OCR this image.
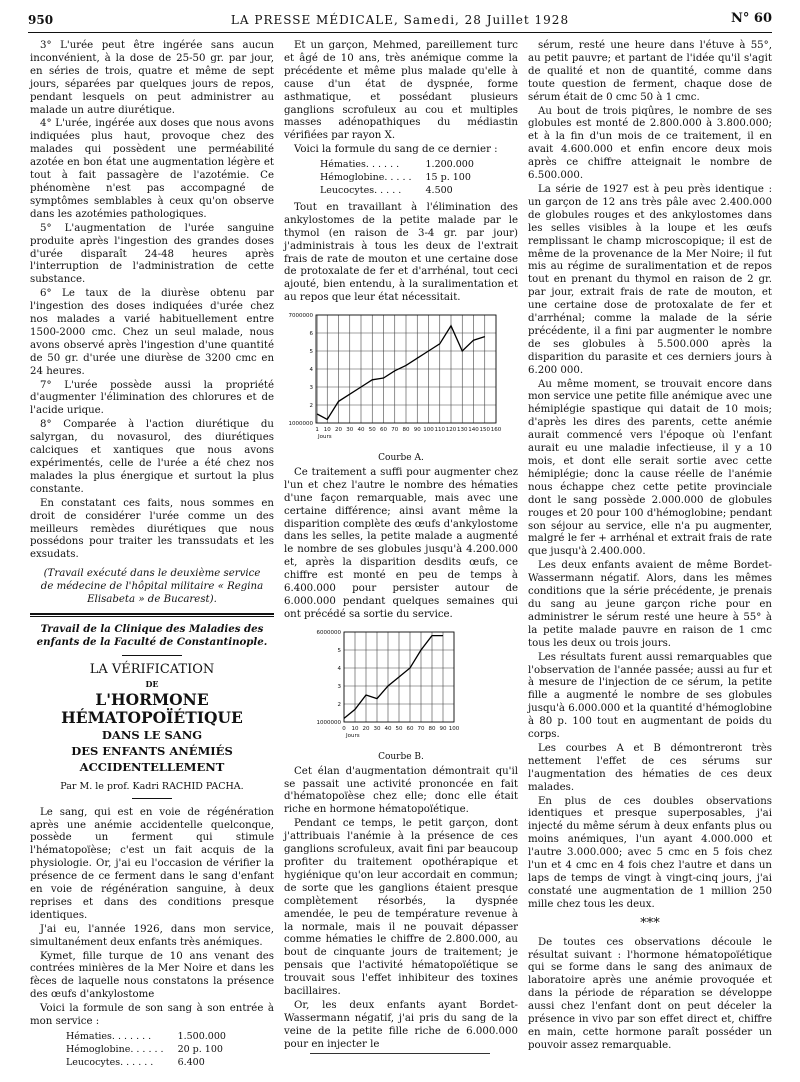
950	LA PRESSE MÉDICALE, Samedi, 28 Juillet 1928	N° 60

3° L'urée peut être ingérée sans aucun inconvénient, à la dose de 25-50 gr. par jour, en séries de trois, quatre et même de sept jours, séparées par quelques jours de repos, pendant lesquels on peut administrer au malade un autre diurétique.

4° L'urée, ingérée aux doses que nous avons indiquées plus haut, provoque chez des malades qui possèdent une perméabilité azotée en bon état une augmentation légère et tout à fait passagère de l'azotémie. Ce phénomène n'est pas accompagné de symptômes semblables à ceux qu'on observe dans les azotémies pathologiques.

5° L'augmentation de l'urée sanguine produite après l'ingestion des grandes doses d'urée disparaît 24-48 heures après l'interruption de l'administration de cette substance.

6° Le taux de la diurèse obtenu par l'ingestion des doses indiquées d'urée chez nos malades a varié habituellement entre 1500-2000 cmc. Chez un seul malade, nous avons observé après l'ingestion d'une quantité de 50 gr. d'urée une diurèse de 3200 cmc en 24 heures.

7° L'urée possède aussi la propriété d'augmenter l'élimination des chlorures et de l'acide urique.

8° Comparée à l'action diurétique du salyrgan, du novasurol, des diurétiques calciques et xantiques que nous avons expérimentés, celle de l'urée a été chez nos malades la plus énergique et surtout la plus constante.

En constatant ces faits, nous sommes en droit de considérer l'urée comme un des meilleurs remèdes diurétiques que nous possédons pour traiter les transsudats et les exsudats.

(Travail exécuté dans le deuxième service de médecine de l'hôpital militaire « Regina Elisabeta » de Bucarest).

Travail de la Clinique des Maladies des enfants de la Faculté de Constantinople.

LA VÉRIFICATION
DE
L'HORMONE HÉMATOPOÏÉTIQUE
DANS LE SANG
DES ENFANTS ANÉMIÉS ACCIDENTELLEMENT

Par M. le prof. Kadri RACHID PACHA.

Le sang, qui est en voie de régénération après une anémie accidentelle quelconque, possède un ferment qui stimule l'hématopoïèse; c'est un fait acquis de la physiologie. Or, j'ai eu l'occasion de vérifier la présence de ce ferment dans le sang d'enfant en voie de régénération sanguine, à deux reprises et dans des conditions presque identiques.

J'ai eu, l'année 1926, dans mon service, simultanément deux enfants très anémiques.

Kymet, fille turque de 10 ans venant des contrées minières de la Mer Noire et dans les fèces de laquelle nous constatons la présence des œufs d'ankylostome

Voici la formule de son sang à son entrée à mon service :

Hématies. . . . . . .	1.500.000
Hémoglobine. . . . . .	20 p. 100
Leucocytes. . . . . .	6.400

Et un garçon, Mehmed, pareillement turc et âgé de 10 ans, très anémique comme la précédente et même plus malade qu'elle à cause d'un état de dyspnée, forme asthmatique, et possédant plusieurs ganglions scrofuleux au cou et multiples masses adénopathiques du médiastin vérifiées par rayon X.

Voici la formule du sang de ce dernier :

Hématies. . . . . .	1.200.000
Hémoglobine. . . . .	15 p. 100
Leucocytes. . . . .	4.500

Tout en travaillant à l'élimination des ankylostomes de la petite malade par le thymol (en raison de 3-4 gr. par jour) j'administrais à tous les deux de l'extrait frais de rate de mouton et une certaine dose de protoxalate de fer et d'arrhénal, tout ceci ajouté, bien entendu, à la suralimentation et au repos que leur état nécessitait.

1 10 20 30 40 50 60 70 80 90 100 110 120 130 140 150 160
1000000
2
3
4
5
6
7000000
Jours
Courbe A.

Ce traitement a suffi pour augmenter chez l'un et chez l'autre le nombre des hématies d'une façon remarquable, mais avec une certaine différence; ainsi avant même la disparition complète des œufs d'ankylostome dans les selles, la petite malade a augmenté le nombre de ses globules jusqu'à 4.200.000 et, après la disparition desdits œufs, ce chiffre est monté en peu de temps à 6.400.000 pour persister autour de 6.000.000 pendant quelques semaines qui ont précédé sa sortie du service.

0 10 20 30 40 50 60 70 80 90 100
1000000
2
3
4
5
6000000
Jours
Courbe B.

Cet élan d'augmentation démontrait qu'il se passait une activité prononcée en fait d'hématopoïèse chez elle; donc elle était riche en hormone hématopoïétique.

Pendant ce temps, le petit garçon, dont j'attribuais l'anémie à la présence de ces ganglions scrofuleux, avait fini par beaucoup profiter du traitement opothérapique et hygiénique qu'on leur accordait en commun; de sorte que les ganglions étaient presque complètement résorbés, la dyspnée amendée, le peu de température revenue à la normale, mais il ne pouvait dépasser comme hématies le chiffre de 2.800.000, au bout de cinquante jours de traitement; je pensais que l'activité hématopoïétique se trouvait sous l'effet inhibiteur des toxines bacillaires.

Or, les deux enfants ayant Bordet-Wassermann négatif, j'ai pris du sang de la veine de la petite fille riche de 6.000.000 pour en injecter le

sérum, resté une heure dans l'étuve à 55°, au petit pauvre; et partant de l'idée qu'il s'agit de qualité et non de quantité, comme dans toute question de ferment, chaque dose de sérum était de 0 cmc 50 à 1 cmc.

Au bout de trois piqûres, le nombre de ses globules est monté de 2.800.000 à 3.800.000; et à la fin d'un mois de ce traitement, il en avait 4.600.000 et enfin encore deux mois après ce chiffre atteignait le nombre de 6.500.000.

La série de 1927 est à peu près identique : un garçon de 12 ans très pâle avec 2.400.000 de globules rouges et des ankylostomes dans les selles visibles à la loupe et les œufs remplissant le champ microscopique; il est de même de la provenance de la Mer Noire; il fut mis au régime de suralimentation et de repos tout en prenant du thymol en raison de 2 gr. par jour, extrait frais de rate de mouton, et une certaine dose de protoxalate de fer et d'arrhénal; comme la malade de la série précédente, il a fini par augmenter le nombre de ses globules à 5.500.000 après la disparition du parasite et ces derniers jours à 6.200 000.

Au même moment, se trouvait encore dans mon service une petite fille anémique avec une hémiplégie spastique qui datait de 10 mois; d'après les dires des parents, cette anémie aurait commencé vers l'époque où l'enfant aurait eu une maladie infectieuse, il y a 10 mois, et dont elle serait sortie avec cette hémiplégie; donc la cause réelle de l'anémie nous échappe chez cette petite provinciale dont le sang possède 2.000.000 de globules rouges et 20 pour 100 d'hémoglobine; pendant son séjour au service, elle n'a pu augmenter, malgré le fer + arrhénal et extrait frais de rate que jusqu'à 2.400.000.

Les deux enfants avaient de même Bordet-Wassermann négatif. Alors, dans les mêmes conditions que la série précédente, je prenais du sang au jeune garçon riche pour en administrer le sérum resté une heure à 55° à la petite malade pauvre en raison de 1 cmc tous les deux ou trois jours.

Les résultats furent aussi remarquables que l'observation de l'année passée; aussi au fur et à mesure de l'injection de ce sérum, la petite fille a augmenté le nombre de ses globules jusqu'à 6.000.000 et la quantité d'hémoglobine à 80 p. 100 tout en augmentant de poids du corps.

Les courbes A et B démontreront très nettement l'effet de ces sérums sur l'augmentation des hématies de ces deux malades.

En plus de ces doubles observations identiques et presque superposables, j'ai injecté du même sérum à deux enfants plus ou moins anémiques, l'un ayant 4.000.000 et l'autre 3.000.000; avec 5 cmc en 5 fois chez l'un et 4 cmc en 4 fois chez l'autre et dans un laps de temps de vingt à vingt-cinq jours, j'ai constaté une augmentation de 1 million 250 mille chez tous les deux.

***

De toutes ces observations découle le résultat suivant : l'hormone hématopoïétique qui se forme dans le sang des animaux de laboratoire après une anémie provoquée et dans la période de réparation se développe aussi chez l'enfant dont on peut déceler la présence in vivo par son effet direct et, chiffre en main, cette hormone paraît posséder un pouvoir assez remarquable.
